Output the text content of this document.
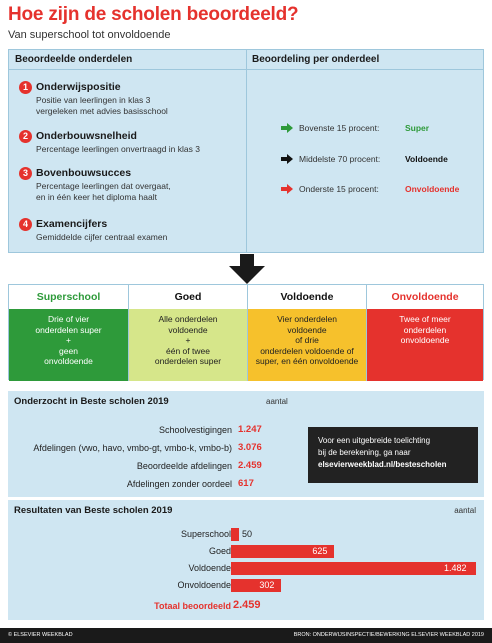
Hoe zijn de scholen beoordeeld?
Van superschool tot onvoldoende
Beoordeelde onderdelen	Beoordeling per onderdeel
1 Onderwijspositie
Positie van leerlingen in klas 3
vergeleken met advies basisschool
2 Onderbouwsnelheid
Percentage leerlingen onvertraagd in klas 3
3 Bovenbouwsucces
Percentage leerlingen dat overgaat,
en in één keer het diploma haalt
4 Examencijfers
Gemiddelde cijfer centraal examen
Bovenste 15 procent:	Super
Middelste 70 procent:	Voldoende
Onderste 15 procent:	Onvoldoende
Superschool
Drie of vier
onderdelen super
+
geen
onvoldoende
Goed
Alle onderdelen
voldoende
+
één of twee
onderdelen super
Voldoende
Vier onderdelen
voldoende
of drie
onderdelen voldoende of
super, en één onvoldoende
Onvoldoende
Twee of meer
onderdelen
onvoldoende
Onderzocht in Beste scholen 2019	aantal
Schoolvestigingen 1.247
Afdelingen (vwo, havo, vmbo-gt, vmbo-k, vmbo-b) 3.076
Beoordeelde afdelingen 2.459
Afdelingen zonder oordeel 617
Voor een uitgebreide toelichting
bij de berekening, ga naar
elsevierweekblad.nl/bestescholen
Resultaten van Beste scholen 2019	aantal
Totaal beoordeeld 2.459
Superschool 50
Goed	625
Voldoende	1.482
Onvoldoende	302
© ELSEVIER WEEKBLAD	BRON: ONDERWIJSINSPECTIE/BEWERKING ELSEVIER WEEKBLAD 2019
